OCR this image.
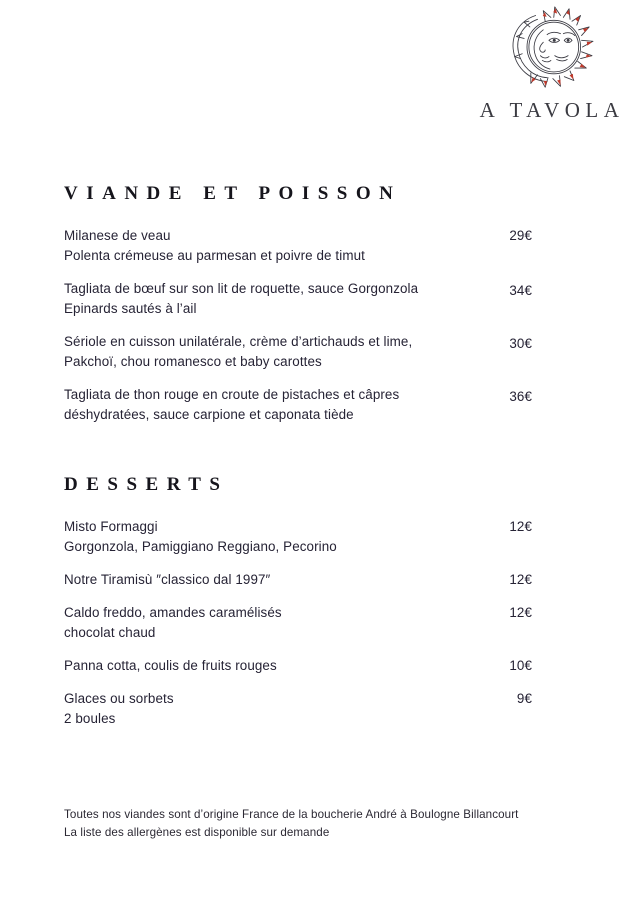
A TAVOLA
VIANDE ET POISSON
Milanese de veau
Polenta crémeuse au parmesan et poivre de timut
29€
Tagliata de bœuf sur son lit de roquette, sauce Gorgonzola
Epinards sautés à l’ail
34€
Sériole en cuisson unilatérale, crème d’artichauds et lime,
Pakchoï, chou romanesco et baby carottes
30€
Tagliata de thon rouge en croute de pistaches et câpres
déshydratées, sauce carpione et caponata tiède
36€
DESSERTS
Misto Formaggi
Gorgonzola, Pamiggiano Reggiano, Pecorino
12€
Notre Tiramisù ″classico dal 1997″	12€
Caldo freddo, amandes caramélisés
chocolat chaud
12€
Panna cotta, coulis de fruits rouges	10€
Glaces ou sorbets
2 boules
9€
Toutes nos viandes sont d’origine France de la boucherie André à Boulogne Billancourt
La liste des allergènes est disponible sur demande
